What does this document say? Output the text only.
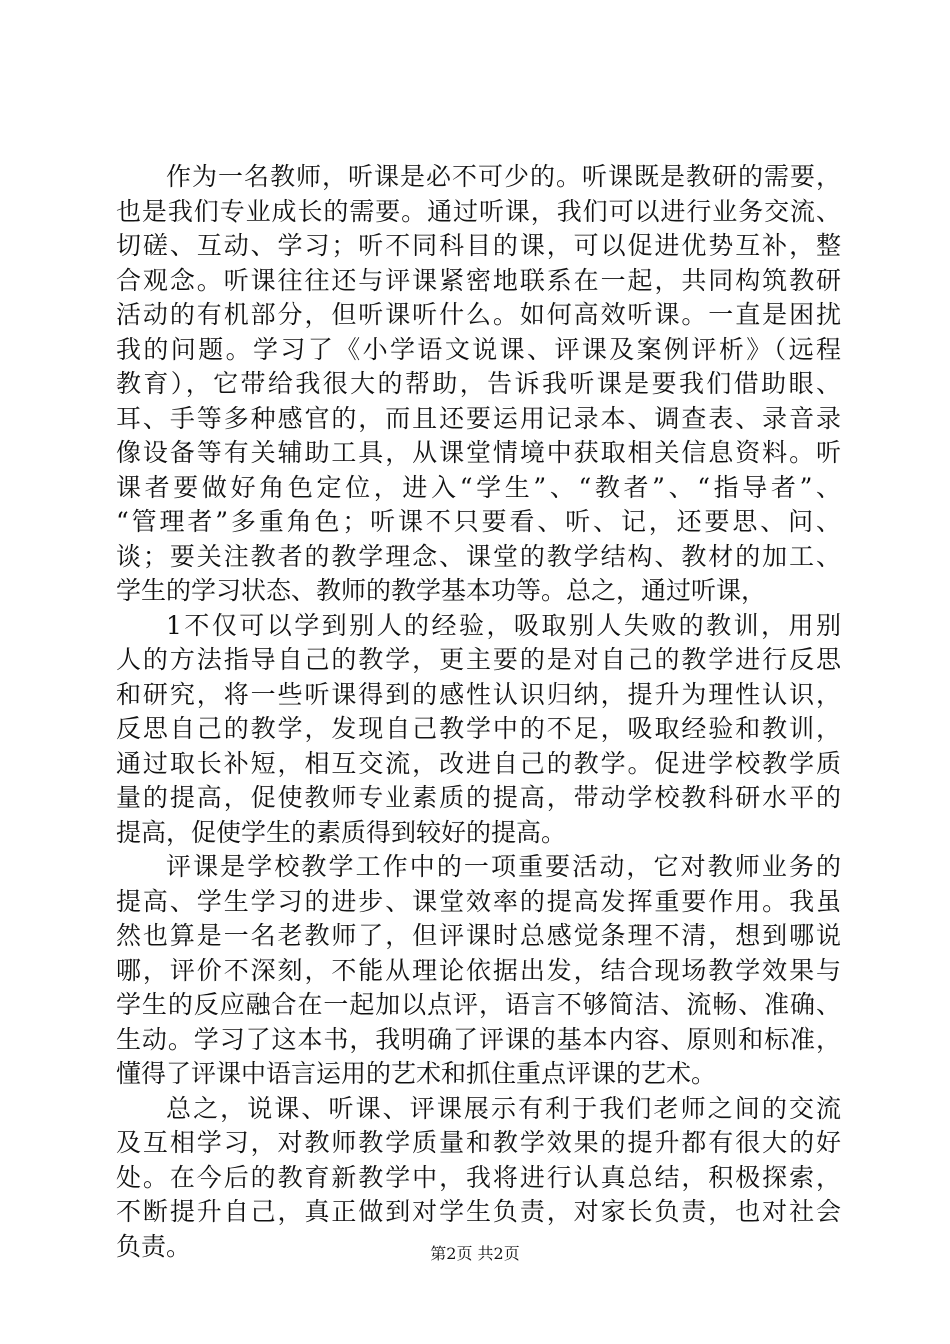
作为一名教师，听课是必不可少的。听课既是教研的需要，
也是我们专业成长的需要。通过听课，我们可以进行业务交流、
切磋、互动、学习；听不同科目的课，可以促进优势互补，整
合观念。听课往往还与评课紧密地联系在一起，共同构筑教研
活动的有机部分，但听课听什么。如何高效听课。一直是困扰
我的问题。学习了《小学语文说课、评课及案例评析》（远程
教育），它带给我很大的帮助，告诉我听课是要我们借助眼、
耳、手等多种感官的，而且还要运用记录本、调查表、录音录
像设备等有关辅助工具，从课堂情境中获取相关信息资料。听
课者要做好角色定位，进入“学生”、“教者”、“指导者”、
“管理者”多重角色；听课不只要看、听、记，还要思、问、
谈；要关注教者的教学理念、课堂的教学结构、教材的加工、
学生的学习状态、教师的教学基本功等。总之，通过听课，
1不仅可以学到别人的经验，吸取别人失败的教训，用别
人的方法指导自己的教学，更主要的是对自己的教学进行反思
和研究，将一些听课得到的感性认识归纳，提升为理性认识，
反思自己的教学，发现自己教学中的不足，吸取经验和教训，
通过取长补短，相互交流，改进自己的教学。促进学校教学质
量的提高，促使教师专业素质的提高，带动学校教科研水平的
提高，促使学生的素质得到较好的提高。
评课是学校教学工作中的一项重要活动，它对教师业务的
提高、学生学习的进步、课堂效率的提高发挥重要作用。我虽
然也算是一名老教师了，但评课时总感觉条理不清，想到哪说
哪，评价不深刻，不能从理论依据出发，结合现场教学效果与
学生的反应融合在一起加以点评，语言不够简洁、流畅、准确、
生动。学习了这本书，我明确了评课的基本内容、原则和标准，
懂得了评课中语言运用的艺术和抓住重点评课的艺术。
总之，说课、听课、评课展示有利于我们老师之间的交流
及互相学习，对教师教学质量和教学效果的提升都有很大的好
处。在今后的教育新教学中，我将进行认真总结，积极探索，
不断提升自己，真正做到对学生负责，对家长负责，也对社会
负责。	第2页 共2页
